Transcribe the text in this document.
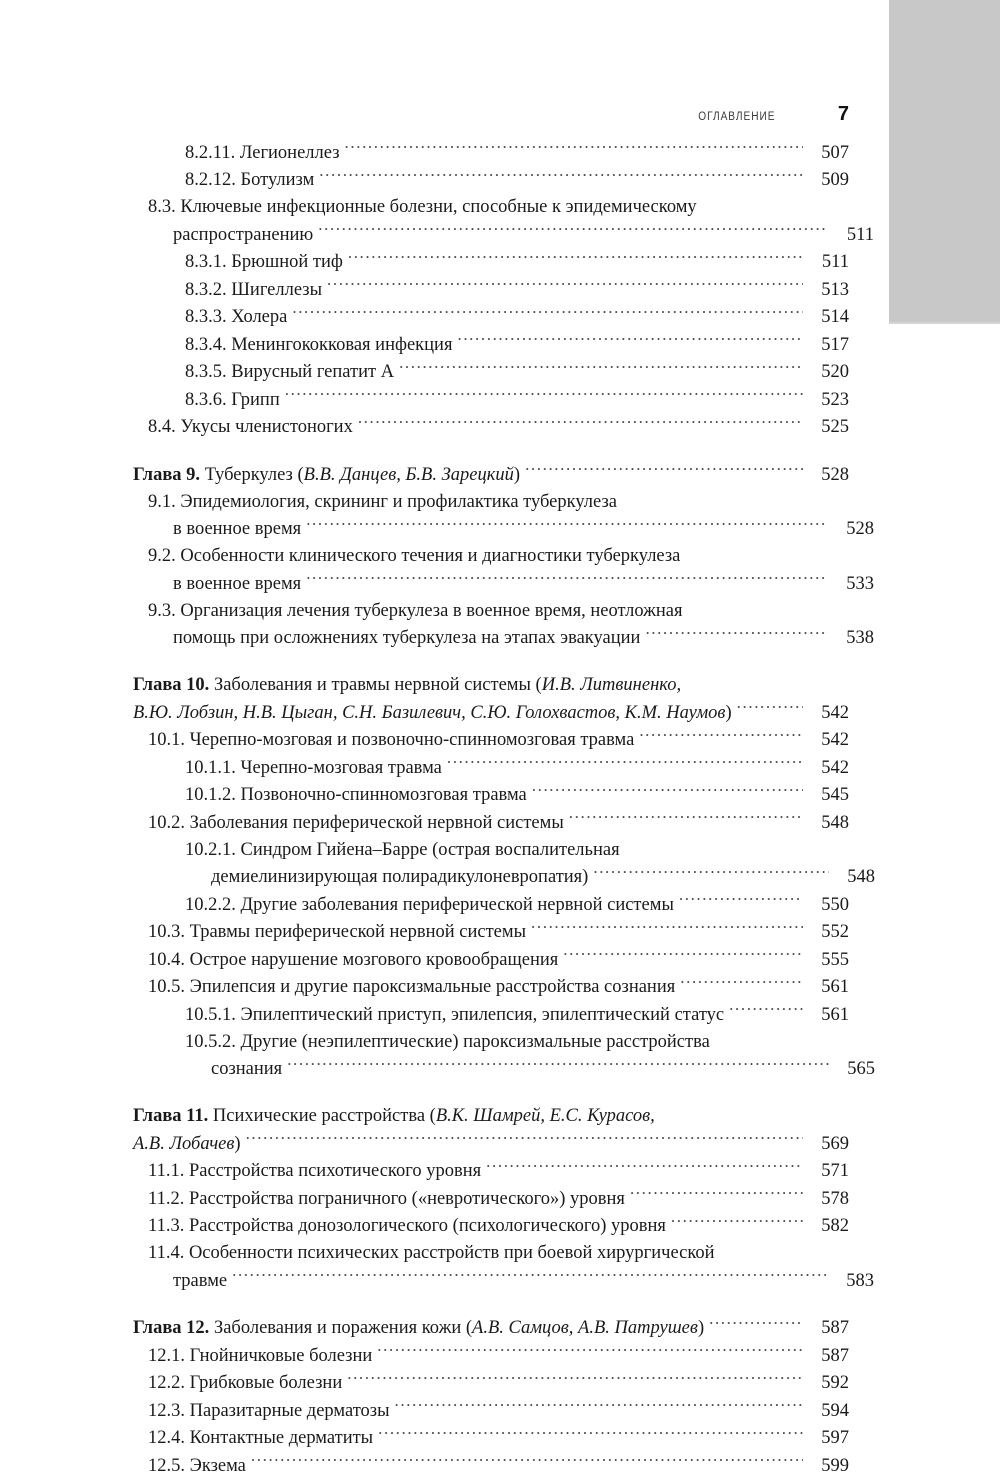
ОГЛАВЛЕНИЕ	7
8.2.11. Легионеллез .....	507
8.2.12. Ботулизм .....	509
8.3. Ключевые инфекционные болезни, способные к эпидемическому
распространению .....	511
8.3.1. Брюшной тиф .....	511
8.3.2. Шигеллезы .....	513
8.3.3. Холера .....	514
8.3.4. Менингококковая инфекция .....	517
8.3.5. Вирусный гепатит А .....	520
8.3.6. Грипп .....	523
8.4. Укусы членистоногих .....	525
Глава 9. Туберкулез (В.В. Данцев, Б.В. Зарецкий) .....	528
9.1. Эпидемиология, скрининг и профилактика туберкулеза
в военное время .....	528
9.2. Особенности клинического течения и диагностики туберкулеза
в военное время .....	533
9.3. Организация лечения туберкулеза в военное время, неотложная
помощь при осложнениях туберкулеза на этапах эвакуации .....	538
Глава 10. Заболевания и травмы нервной системы (И.В. Литвиненко,
В.Ю. Лобзин, Н.В. Цыган, С.Н. Базилевич, С.Ю. Голохвастов, К.М. Наумов) .....	542
10.1. Черепно-мозговая и позвоночно-спинномозговая травма .....	542
10.1.1. Черепно-мозговая травма .....	542
10.1.2. Позвоночно-спинномозговая травма .....	545
10.2. Заболевания периферической нервной системы .....	548
10.2.1. Синдром Гийена–Барре (острая воспалительная
демиелинизирующая полирадикулоневропатия) .....	548
10.2.2. Другие заболевания периферической нервной системы .....	550
10.3. Травмы периферической нервной системы .....	552
10.4. Острое нарушение мозгового кровообращения .....	555
10.5. Эпилепсия и другие пароксизмальные расстройства сознания .....	561
10.5.1. Эпилептический приступ, эпилепсия, эпилептический статус .....	561
10.5.2. Другие (неэпилептические) пароксизмальные расстройства
сознания .....	565
Глава 11. Психические расстройства (В.К. Шамрей, Е.С. Курасов,
А.В. Лобачев) .....	569
11.1. Расстройства психотического уровня .....	571
11.2. Расстройства пограничного («невротического») уровня .....	578
11.3. Расстройства донозологического (психологического) уровня .....	582
11.4. Особенности психических расстройств при боевой хирургической
травме .....	583
Глава 12. Заболевания и поражения кожи (А.В. Самцов, А.В. Патрушев) .....	587
12.1. Гнойничковые болезни .....	587
12.2. Грибковые болезни .....	592
12.3. Паразитарные дерматозы .....	594
12.4. Контактные дерматиты .....	597
12.5. Экзема .....	599
